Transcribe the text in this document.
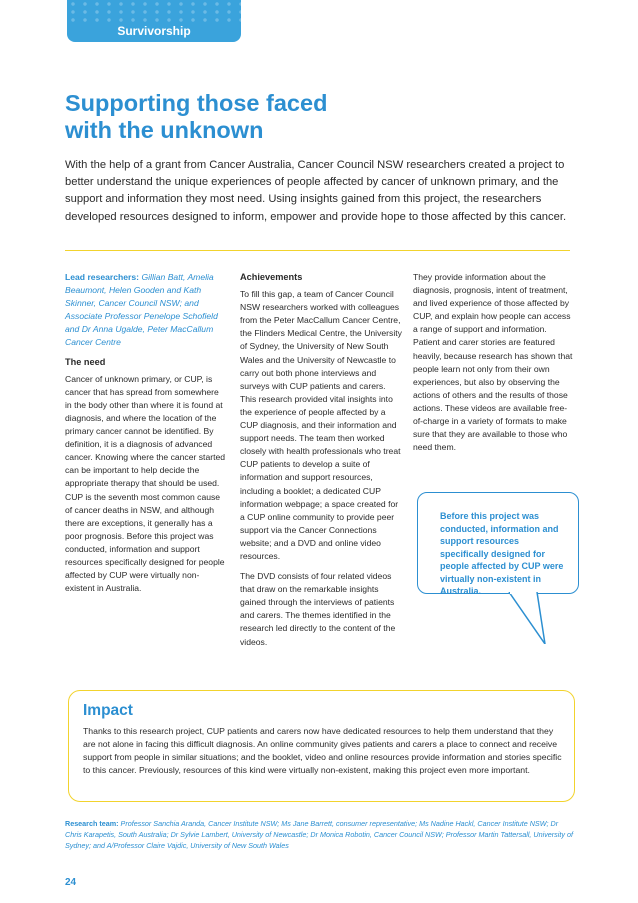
Survivorship
Supporting those faced
with the unknown

With the help of a grant from Cancer Australia, Cancer Council NSW researchers created a project to better understand the unique experiences of people affected by cancer of unknown primary, and the support and information they most need. Using insights gained from this project, the researchers developed resources designed to inform, empower and provide hope to those affected by this cancer.

Lead researchers: Gillian Batt, Amelia Beaumont, Helen Gooden and Kath Skinner, Cancer Council NSW; and Associate Professor Penelope Schofield and Dr Anna Ugalde, Peter MacCallum Cancer Centre

The need

Cancer of unknown primary, or CUP, is cancer that has spread from somewhere in the body other than where it is found at diagnosis, and where the location of the primary cancer cannot be identified. By definition, it is a diagnosis of advanced cancer. Knowing where the cancer started can be important to help decide the appropriate therapy that should be used. CUP is the seventh most common cause of cancer deaths in NSW, and although there are exceptions, it generally has a poor prognosis. Before this project was conducted, information and support resources specifically designed for people affected by CUP were virtually non-existent in Australia.

Achievements

To fill this gap, a team of Cancer Council NSW researchers worked with colleagues from the Peter MacCallum Cancer Centre, the Flinders Medical Centre, the University of Sydney, the University of New South Wales and the University of Newcastle to carry out both phone interviews and surveys with CUP patients and carers. This research provided vital insights into the experience of people affected by a CUP diagnosis, and their information and support needs. The team then worked closely with health professionals who treat CUP patients to develop a suite of information and support resources, including a booklet; a dedicated CUP information webpage; a space created for a CUP online community to provide peer support via the Cancer Connections website; and a DVD and online video resources.

The DVD consists of four related videos that draw on the remarkable insights gained through the interviews of patients and carers. The themes identified in the research led directly to the content of the videos.

They provide information about the diagnosis, prognosis, intent of treatment, and lived experience of those affected by CUP, and explain how people can access a range of support and information. Patient and carer stories are featured heavily, because research has shown that people learn not only from their own experiences, but also by observing the actions of others and the results of those actions. These videos are available free-of-charge in a variety of formats to make sure that they are available to those who need them.

Before this project was conducted, information and support resources specifically designed for people affected by CUP were virtually non-existent in Australia.

Impact

Thanks to this research project, CUP patients and carers now have dedicated resources to help them understand that they are not alone in facing this difficult diagnosis. An online community gives patients and carers a place to connect and receive support from people in similar situations; and the booklet, video and online resources provide information and stories specific to this cancer. Previously, resources of this kind were virtually non-existent, making this project even more important.

Research team: Professor Sanchia Aranda, Cancer Institute NSW; Ms Jane Barrett, consumer representative; Ms Nadine Hackl, Cancer Institute NSW; Dr Chris Karapetis, South Australia; Dr Sylvie Lambert, University of Newcastle; Dr Monica Robotin, Cancer Council NSW; Professor Martin Tattersall, University of Sydney; and A/Professor Claire Vajdic, University of New South Wales

24
